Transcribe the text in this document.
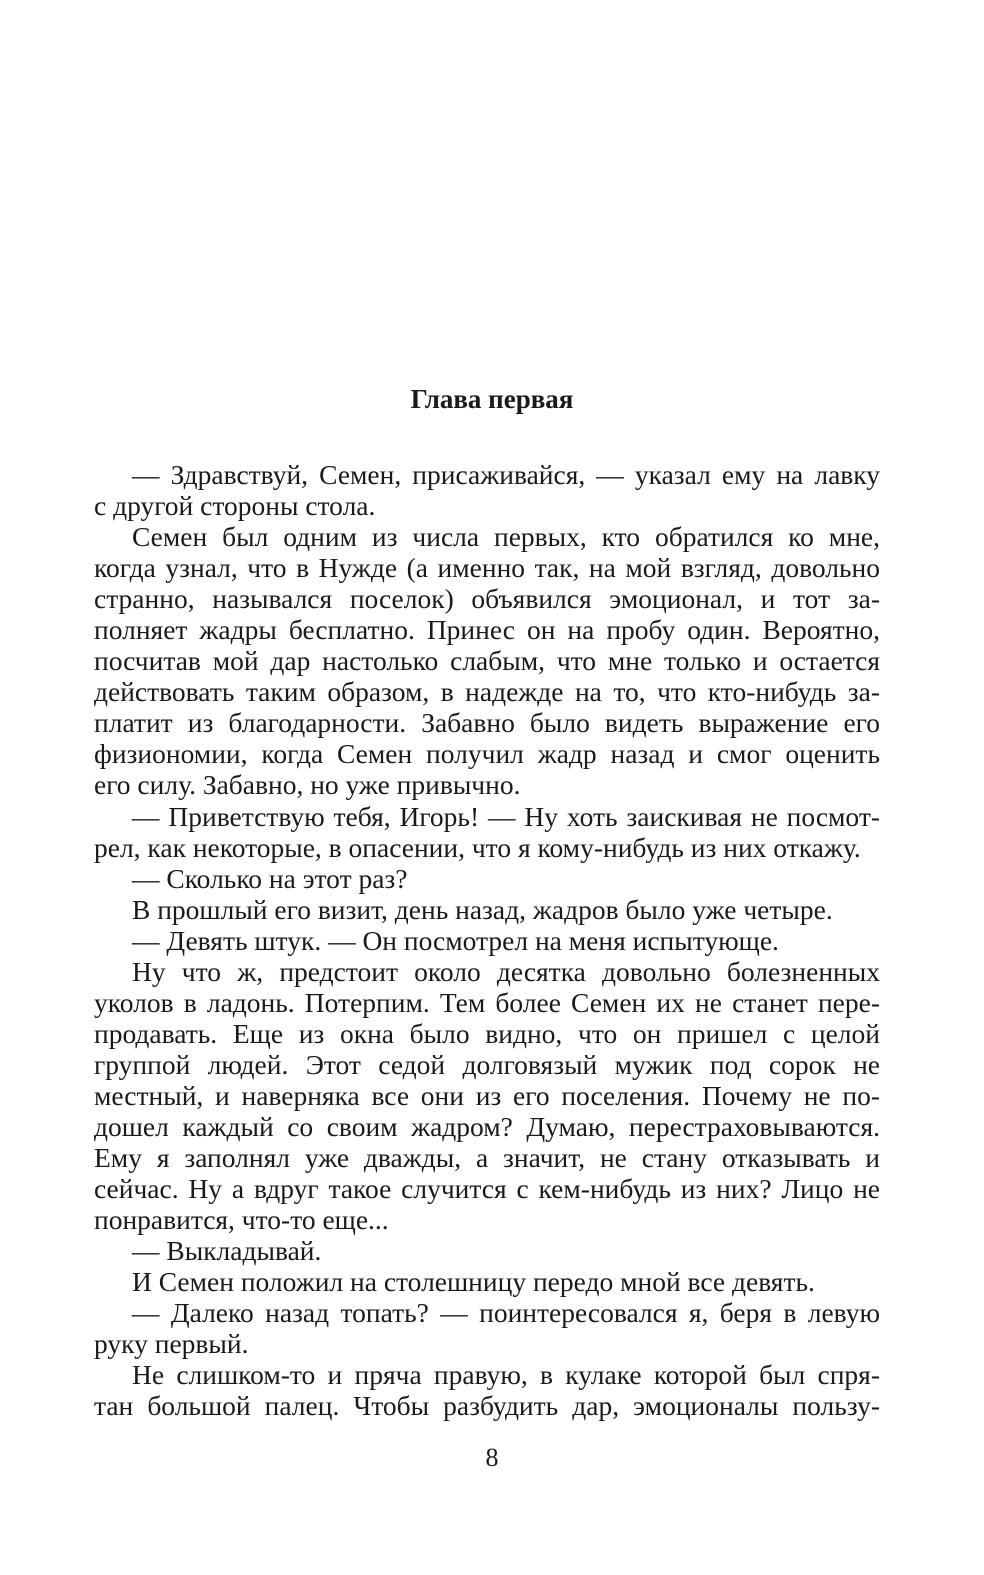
Глава первая
— Здравствуй, Семен, присаживайся, — указал ему на лавку
с другой стороны стола.
Семен был одним из числа первых, кто обратился ко мне,
когда узнал, что в Нужде (а именно так, на мой взгляд, довольно
странно, назывался поселок) объявился эмоционал, и тот за-
полняет жадры бесплатно. Принес он на пробу один. Вероятно,
посчитав мой дар настолько слабым, что мне только и остается
действовать таким образом, в надежде на то, что кто-нибудь за-
платит из благодарности. Забавно было видеть выражение его
физиономии, когда Семен получил жадр назад и смог оценить
его силу. Забавно, но уже привычно.
— Приветствую тебя, Игорь! — Ну хоть заискивая не посмот-
рел, как некоторые, в опасении, что я кому-нибудь из них откажу.
— Сколько на этот раз?
В прошлый его визит, день назад, жадров было уже четыре.
— Девять штук. — Он посмотрел на меня испытующе.
Ну что ж, предстоит около десятка довольно болезненных
уколов в ладонь. Потерпим. Тем более Семен их не станет пере-
продавать. Еще из окна было видно, что он пришел с целой
группой людей. Этот седой долговязый мужик под сорок не
местный, и наверняка все они из его поселения. Почему не по-
дошел каждый со своим жадром? Думаю, перестраховываются.
Ему я заполнял уже дважды, а значит, не стану отказывать и
сейчас. Ну а вдруг такое случится с кем-нибудь из них? Лицо не
понравится, что-то еще...
— Выкладывай.
И Семен положил на столешницу передо мной все девять.
— Далеко назад топать? — поинтересовался я, беря в левую
руку первый.
Не слишком-то и пряча правую, в кулаке которой был спря-
тан большой палец. Чтобы разбудить дар, эмоционалы пользу-
8
